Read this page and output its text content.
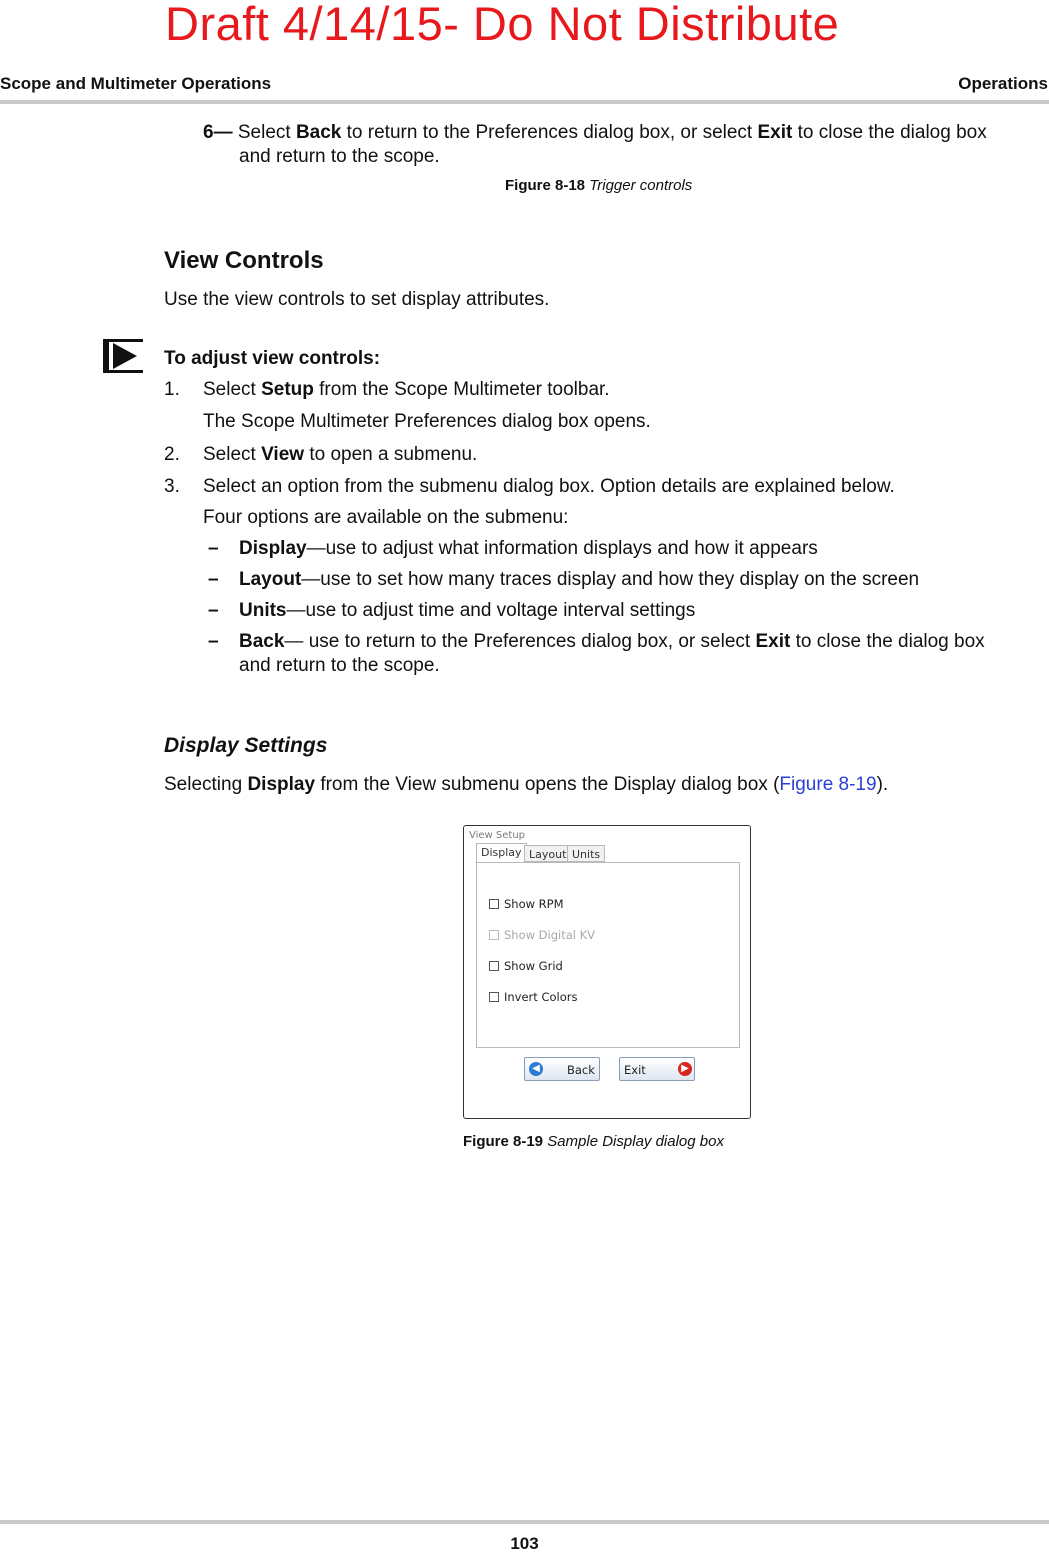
Draft 4/14/15- Do Not Distribute
Scope and Multimeter Operations	Operations
6— Select Back to return to the Preferences dialog box, or select Exit to close the dialog box
and return to the scope.
Figure 8-18 Trigger controls
View Controls
Use the view controls to set display attributes.
To adjust view controls:
1. Select Setup from the Scope Multimeter toolbar.
The Scope Multimeter Preferences dialog box opens.
2. Select View to open a submenu.
3. Select an option from the submenu dialog box. Option details are explained below.
Four options are available on the submenu:
– Display—use to adjust what information displays and how it appears
– Layout—use to set how many traces display and how they display on the screen
– Units—use to adjust time and voltage interval settings
– Back— use to return to the Preferences dialog box, or select Exit to close the dialog box
and return to the scope.
Display Settings
Selecting Display from the View submenu opens the Display dialog box (Figure 8-19).
View Setup
Display Layout Units
Show RPM
Show Digital KV
Show Grid
Invert Colors
◀ Back	Exit	▶
Figure 8-19 Sample Display dialog box
103
